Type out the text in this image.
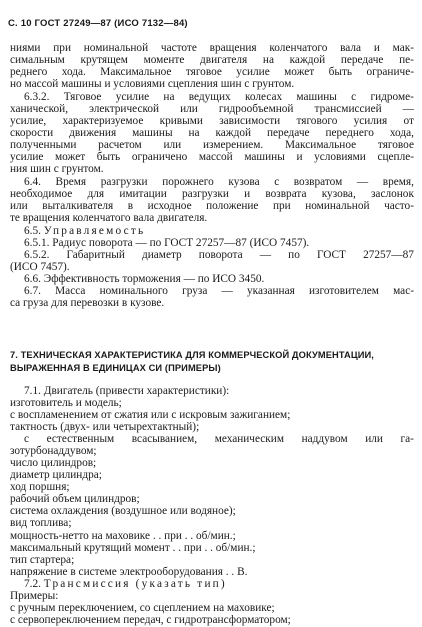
С. 10 ГОСТ 27249—87 (ИСО 7132—84)
ниями при номинальной частоте вращения коленчатого вала и мак-
симальным крутящем моменте двигателя на каждой передаче пе-
реднего хода. Максимальное тяговое усилие может быть ограниче-
но массой машины и условиями сцепления шин с грунтом.
6.3.2. Тяговое усилие на ведущих колесах машины с гидроме-
ханической, электрической или гидрообъемной трансмиссией —
усилие, характеризуемое кривыми зависимости тягового усилия от
скорости движения машины на каждой передаче переднего хода,
полученными расчетом или измерением. Максимальное тяговое
усилие может быть ограничено массой машины и условиями сцепле-
ния шин с грунтом.
6.4. Время разгрузки порожнего кузова с возвратом — время,
необходимое для имитации разгрузки и возврата кузова, заслонок
или выталкивателя в исходное положение при номинальной часто-
те вращения коленчатого вала двигателя.
6.5. Управляемость
6.5.1. Радиус поворота — по ГОСТ 27257—87 (ИСО 7457).
6.5.2. Габаритный диаметр поворота — по ГОСТ 27257—87
(ИСО 7457).
6.6. Эффективность торможения — по ИСО 3450.
6.7. Масса номинального груза — указанная изготовителем мас-
са груза для перевозки в кузове.
7.1. Двигатель (привести характеристики):
изготовитель и модель;
с воспламенением от сжатия или с искровым зажиганием;
тактность (двух- или четырехтактный);
с естественным всасыванием, механическим наддувом или га-
зотурбонаддувом;
число цилиндров;
диаметр цилиндра;
ход поршня;
рабочий объем цилиндров;
система охлаждения (воздушное или водяное);
вид топлива;
мощность-нетто на маховике . . при . . об/мин.;
максимальный крутящий момент . . при . . об/мин.;
тип стартера;
напряжение в системе электрооборудования . . В.
7.2. Трансмиссия (указать тип)
Примеры:
с ручным переключением, со сцеплением на маховике;
с сервопереключением передач, с гидротрансформатором;
7. ТЕХНИЧЕСКАЯ ХАРАКТЕРИСТИКА ДЛЯ КОММЕРЧЕСКОЙ ДОКУМЕНТАЦИИ,
ВЫРАЖЕННАЯ В ЕДИНИЦАХ СИ (ПРИМЕРЫ)
